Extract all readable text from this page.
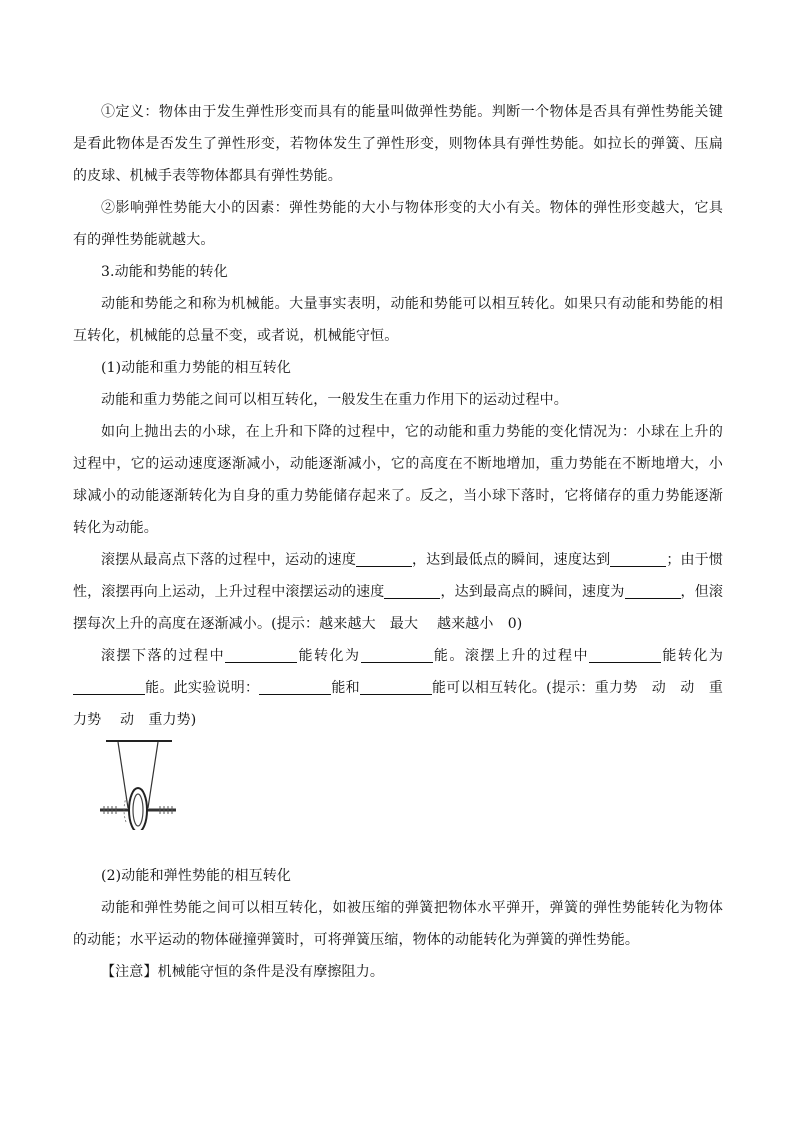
①定义：物体由于发生弹性形变而具有的能量叫做弹性势能。判断一个物体是否具有弹性势能关键是看此物体是否发生了弹性形变，若物体发生了弹性形变，则物体具有弹性势能。如拉长的弹簧、压扁的皮球、机械手表等物体都具有弹性势能。

②影响弹性势能大小的因素：弹性势能的大小与物体形变的大小有关。物体的弹性形变越大，它具有的弹性势能就越大。

3.动能和势能的转化

动能和势能之和称为机械能。大量事实表明，动能和势能可以相互转化。如果只有动能和势能的相互转化，机械能的总量不变，或者说，机械能守恒。

(1)动能和重力势能的相互转化

动能和重力势能之间可以相互转化，一般发生在重力作用下的运动过程中。

如向上抛出去的小球，在上升和下降的过程中，它的动能和重力势能的变化情况为：小球在上升的过程中，它的运动速度逐渐减小，动能逐渐减小，它的高度在不断地增加，重力势能在不断地增大，小球减小的动能逐渐转化为自身的重力势能储存起来了。反之，当小球下落时，它将储存的重力势能逐渐转化为动能。

滚摆从最高点下落的过程中，运动的速度	，达到最低点的瞬间，速度达到	；由于惯性，滚摆再向上运动，上升过程中滚摆运动的速度	，达到最高点的瞬间，速度为	，但滚摆每次上升的高度在逐渐减小。(提示：越来越大　最大　 越来越小　0)

滚摆下落的过程中	能转化为	能。滚摆上升的过程中	能转化为能。此实验说明：	能和	能可以相互转化。(提示：重力势　动　动　重力势　 动　重力势)

(2)动能和弹性势能的相互转化

动能和弹性势能之间可以相互转化，如被压缩的弹簧把物体水平弹开，弹簧的弹性势能转化为物体的动能；水平运动的物体碰撞弹簧时，可将弹簧压缩，物体的动能转化为弹簧的弹性势能。

【注意】机械能守恒的条件是没有摩擦阻力。
